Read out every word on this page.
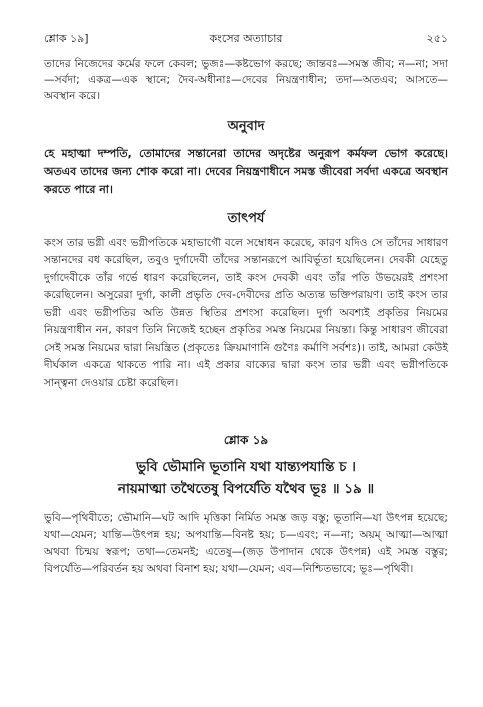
শ্লোক ১৯]	কংসের অত্যাচার	২৫১

তাদের নিজেদের কর্মের ফলে কেবল; ভুজঃ—কষ্টভোগ করছে; জান্তবঃ—সমস্ত জীব; ন—না; সদা—সর্বদা; একত্র—এক স্থানে; দৈব-অধীনাঃ—দেবের নিয়ন্ত্রণাধীন; তদা—অতএব; আসতে—অবস্থান করে।

অনুবাদ

হে মহাত্মা দম্পতি, তোমাদের সন্তানেরা তাদের অদৃষ্টের অনুরূপ কর্মফল ভোগ করেছে। অতএব তাদের জন্য শোক করো না। দেবের নিয়ন্ত্রণাধীনে সমস্ত জীবেরা সর্বদা একত্রে অবস্থান করতে পারে না।

তাৎপর্য

কংস তার ভগ্নী এবং ভগ্নীপতিকে মহাভাগৌ বলে সম্বোধন করেছে, কারণ যদিও সে তাঁদের সাধারণ সন্তানদের বধ করেছিল, তবুও দুর্গাদেবী তাঁদের সন্তানরূপে আবির্ভূতা হয়েছিলেন। দেবকী যেহেতু দুর্গাদেবীকে তাঁর গর্ভে ধারণ করেছিলেন, তাই কংস দেবকী এবং তাঁর পতি উভয়েরই প্রশংসা করেছিলেন। অসুরেরা দুর্গা, কালী প্রভৃতি দেব-দেবীদের প্রতি অত্যন্ত ভক্তিপরায়ণ। তাই কংস তার ভগ্নী এবং ভগ্নীপতির অতি উন্নত স্থিতির প্রশংসা করেছিল। দুর্গা অবশ্যই প্রকৃতির নিয়মের নিয়ন্ত্রণাধীন নন, কারণ তিনি নিজেই হচ্ছেন প্রকৃতির সমস্ত নিয়মের নিয়ন্তা। কিন্তু সাধারণ জীবেরা সেই সমস্ত নিয়মের দ্বারা নিয়ন্ত্রিত (প্রকৃতেঃ ক্রিয়মাণানি গুণৈঃ কর্মাণি সর্বশঃ)। তাই, আমরা কেউই দীর্ঘকাল একত্রে থাকতে পারি না। এই প্রকার বাক্যের দ্বারা কংস তার ভগ্নী এবং ভগ্নীপতিকে সান্ত্বনা দেওয়ার চেষ্টা করেছিল।

শ্লোক ১৯

ভুবি ভৌমানি ভূতানি যথা যান্ত্যপযান্তি চ ।

নায়মাত্মা তথৈতেষু বিপর্যেতি যথৈব ভূঃ ॥ ১৯ ॥

ভুবি—পৃথিবীতে; ভৌমানি—ঘট আদি মৃত্তিকা নির্মিত সমস্ত জড় বস্তু; ভূতানি—যা উৎপন্ন হয়েছে; যথা—যেমন; যান্তি—উৎপন্ন হয়; অপযান্তি—বিনষ্ট হয়; চ—এবং; ন—না; অয়ম্ আত্মা—আত্মা অথবা চিন্ময় স্বরূপ; তথা—তেমনই; এতেষু—(জড় উপাদান থেকে উৎপন্ন) এই সমস্ত বস্তুর; বিপর্যেতি—পরিবর্তন হয় অথবা বিনাশ হয়; যথা—যেমন; এব—নিশ্চিতভাবে; ভূঃ—পৃথিবী।
